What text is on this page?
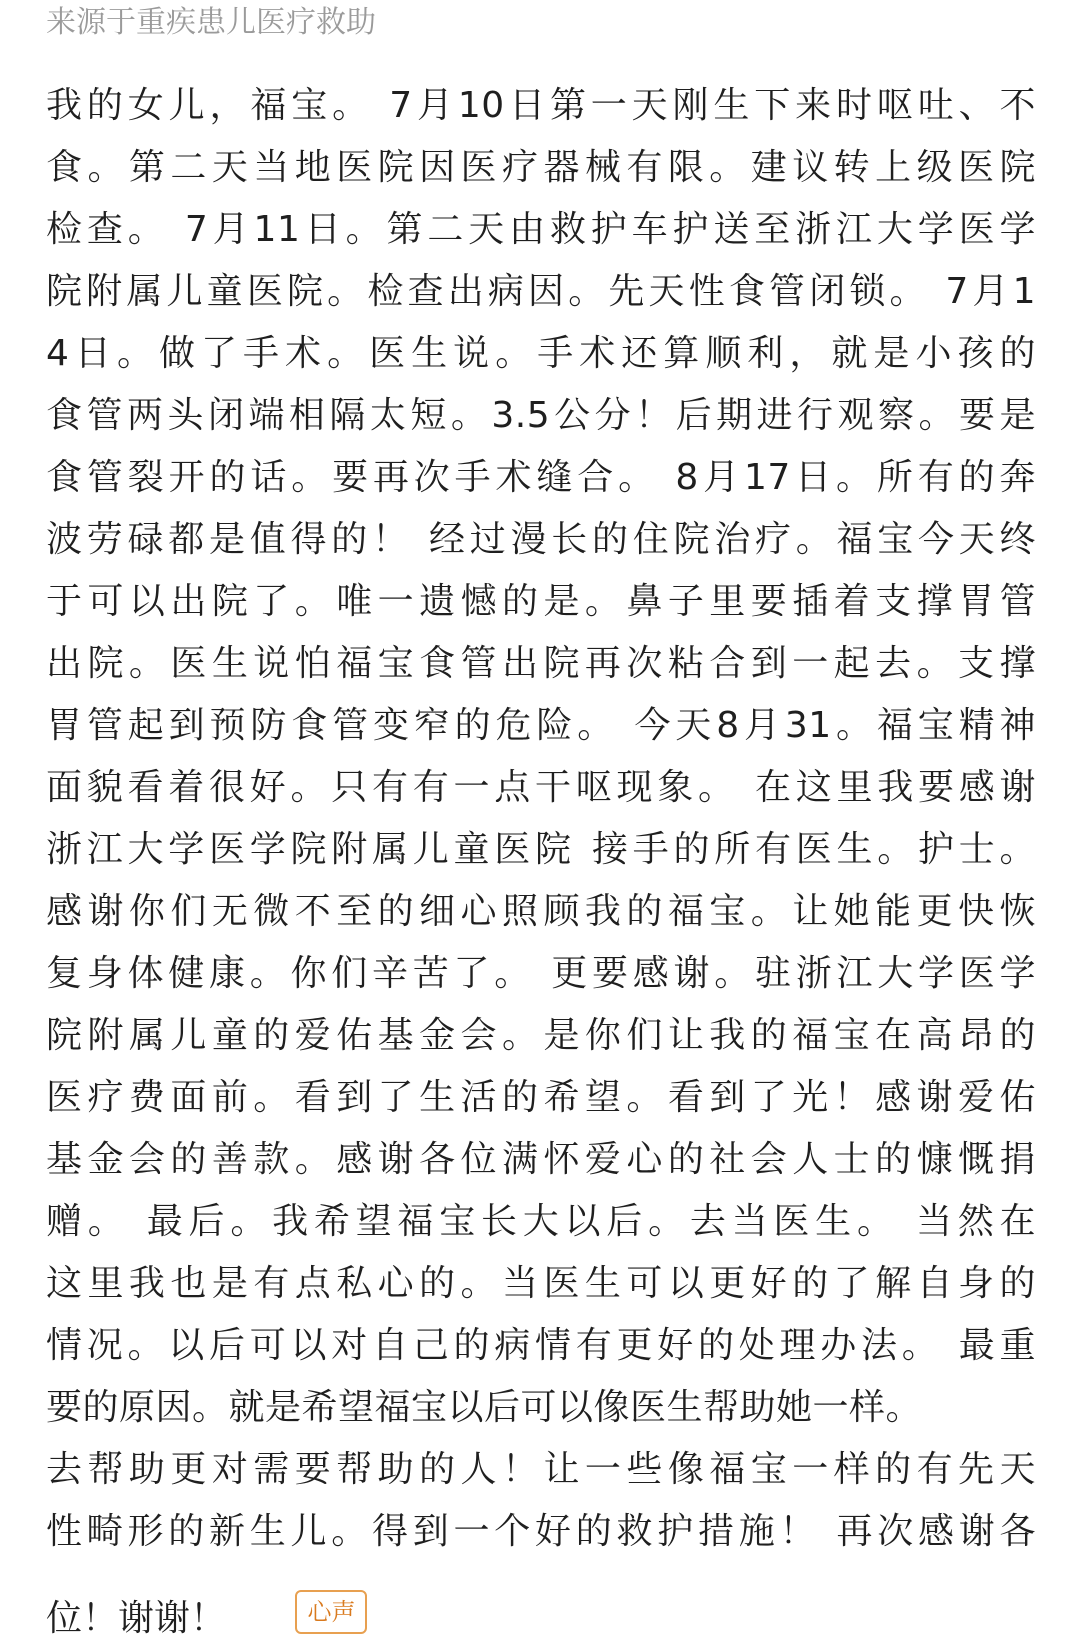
来源于重疾患儿医疗救助
我的女儿，福宝。 7月10日第一天刚生下来时呕吐、不
食。第二天当地医院因医疗器械有限。建议转上级医院
检查。 7月11日。第二天由救护车护送至浙江大学医学
院附属儿童医院。检查出病因。先天性食管闭锁。 7月1
4日。做了手术。医生说。手术还算顺利，就是小孩的
食管两头闭端相隔太短。3.5公分！后期进行观察。要是
食管裂开的话。要再次手术缝合。 8月17日。所有的奔
波劳碌都是值得的！ 经过漫长的住院治疗。福宝今天终
于可以出院了。唯一遗憾的是。鼻子里要插着支撑胃管
出院。医生说怕福宝食管出院再次粘合到一起去。支撑
胃管起到预防食管变窄的危险。 今天8月31。福宝精神
面貌看着很好。只有有一点干呕现象。 在这里我要感谢
浙江大学医学院附属儿童医院 接手的所有医生。护士。
感谢你们无微不至的细心照顾我的福宝。让她能更快恢
复身体健康。你们辛苦了。 更要感谢。驻浙江大学医学
院附属儿童的爱佑基金会。是你们让我的福宝在高昂的
医疗费面前。看到了生活的希望。看到了光！感谢爱佑
基金会的善款。感谢各位满怀爱心的社会人士的慷慨捐
赠。 最后。我希望福宝长大以后。去当医生。 当然在
这里我也是有点私心的。当医生可以更好的了解自身的
情况。以后可以对自己的病情有更好的处理办法。 最重
要的原因。就是希望福宝以后可以像医生帮助她一样。
去帮助更对需要帮助的人！让一些像福宝一样的有先天
性畸形的新生儿。得到一个好的救护措施！ 再次感谢各
位！谢谢！	心声
